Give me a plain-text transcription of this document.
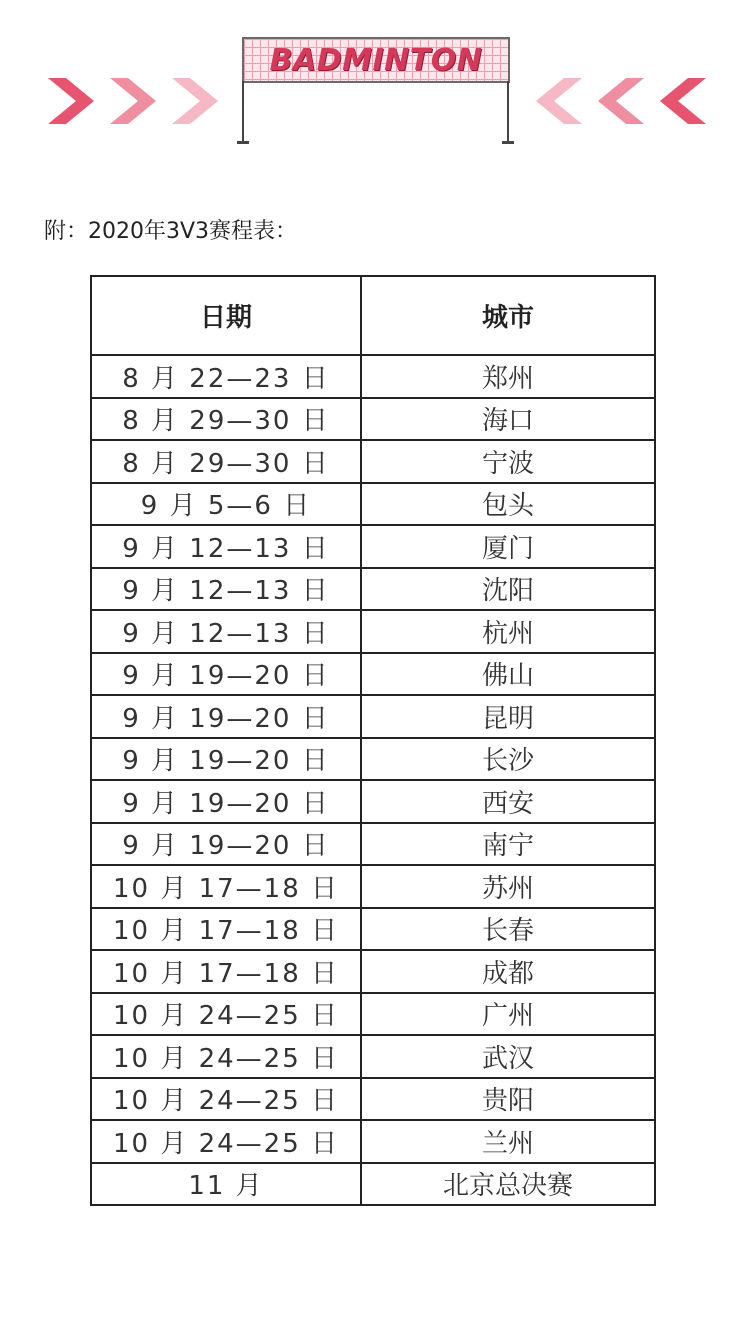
BADMINTON
附：2020年3V3赛程表：
日期	城市
8 月 22—23 日	郑州
8 月 29—30 日	海口
8 月 29—30 日	宁波
9 月 5—6 日	包头
9 月 12—13 日	厦门
9 月 12—13 日	沈阳
9 月 12—13 日	杭州
9 月 19—20 日	佛山
9 月 19—20 日	昆明
9 月 19—20 日	长沙
9 月 19—20 日	西安
9 月 19—20 日	南宁
10 月 17—18 日	苏州
10 月 17—18 日	长春
10 月 17—18 日	成都
10 月 24—25 日	广州
10 月 24—25 日	武汉
10 月 24—25 日	贵阳
10 月 24—25 日	兰州
11 月	北京总决赛
